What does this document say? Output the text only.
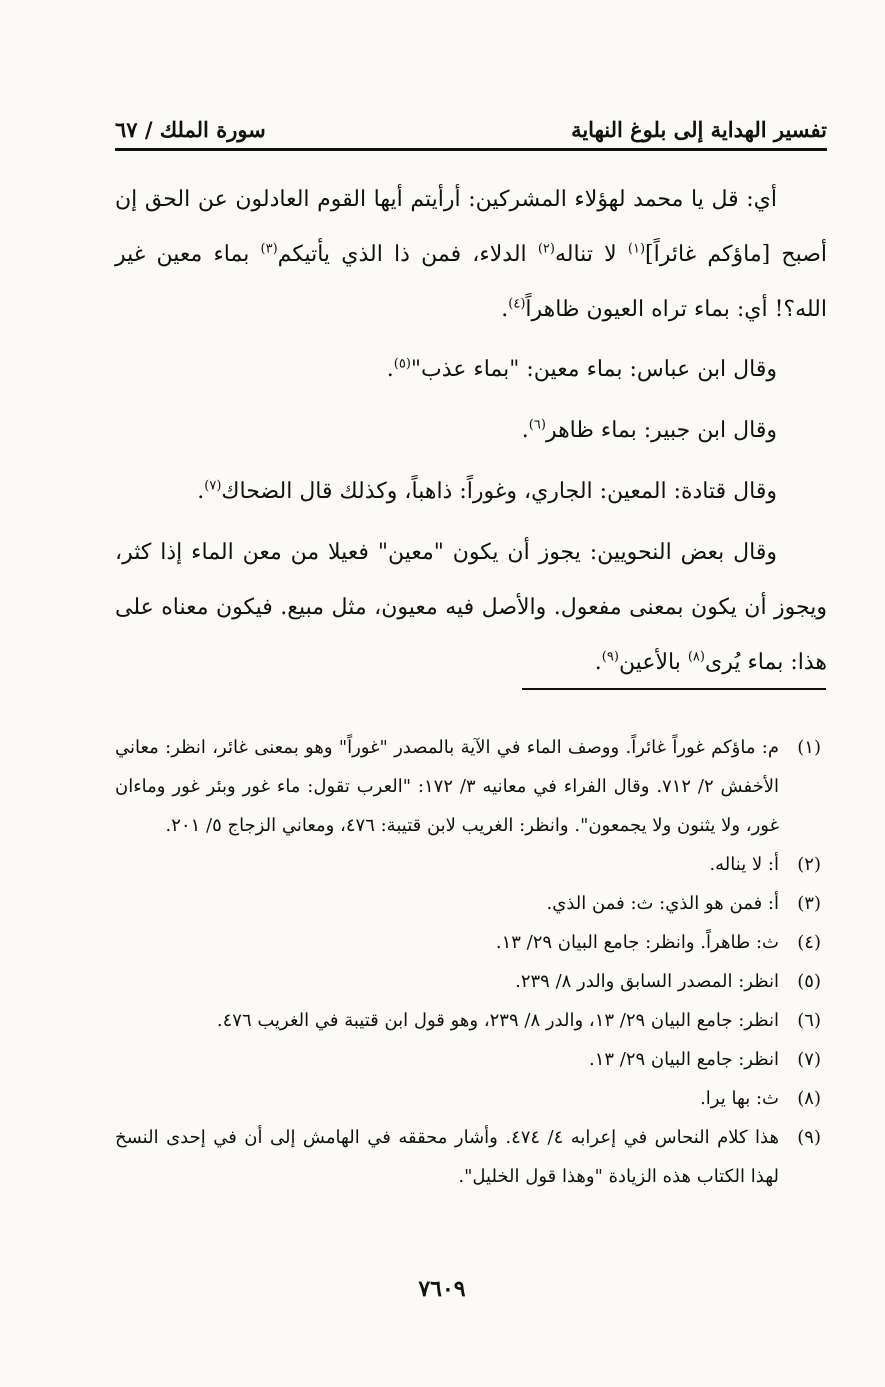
تفسير الهداية إلى بلوغ النهاية
سورة الملك / ٦٧

أي: قل يا محمد لهؤلاء المشركين: أرأيتم أيها القوم العادلون عن الحق إن أصبح [ماؤكم غائراً]$^{(١)}$ لا تناله$^{(٢)}$ الدلاء، فمن ذا الذي يأتيكم$^{(٣)}$ بماء معين غير الله؟! أي: بماء تراه العيون ظاهراً$^{(٤)}$.

وقال ابن عباس: بماء معين: "بماء عذب"$^{(٥)}$.

وقال ابن جبير: بماء ظاهر$^{(٦)}$.

وقال قتادة: المعين: الجاري، وغوراً: ذاهباً، وكذلك قال الضحاك$^{(٧)}$.

وقال بعض النحويين: يجوز أن يكون "معين" فعيلا من معن الماء إذا كثر، ويجوز أن يكون بمعنى مفعول. والأصل فيه معيون، مثل مبيع. فيكون معناه على هذا: بماء يُرى$^{(٨)}$ بالأعين$^{(٩)}$.

(١)
م: ماؤكم غوراً غائراً. ووصف الماء في الآية بالمصدر "غوراً" وهو بمعنى غائر، انظر: معاني الأخفش ٢/ ٧١٢. وقال الفراء في معانيه ٣/ ١٧٢: "العرب تقول: ماء غور وبئر غور وماءان غور، ولا يثنون ولا يجمعون". وانظر: الغريب لابن قتيبة: ٤٧٦، ومعاني الزجاج ٥/ ٢٠١.
(٢)
أ: لا يناله.
(٣)
أ: فمن هو الذي: ث: فمن الذي.
(٤)
ث: طاهراً. وانظر: جامع البيان ٢٩/ ١٣.
(٥)
انظر: المصدر السابق والدر ٨/ ٢٣٩.
(٦)
انظر: جامع البيان ٢٩/ ١٣، والدر ٨/ ٢٣٩، وهو قول ابن قتيبة في الغريب ٤٧٦.
(٧)
انظر: جامع البيان ٢٩/ ١٣.
(٨)
ث: بها يرا.
(٩)
هذا كلام النحاس في إعرابه ٤/ ٤٧٤. وأشار محققه في الهامش إلى أن في إحدى النسخ لهذا الكتاب هذه الزيادة "وهذا قول الخليل".
٧٦٠٩
